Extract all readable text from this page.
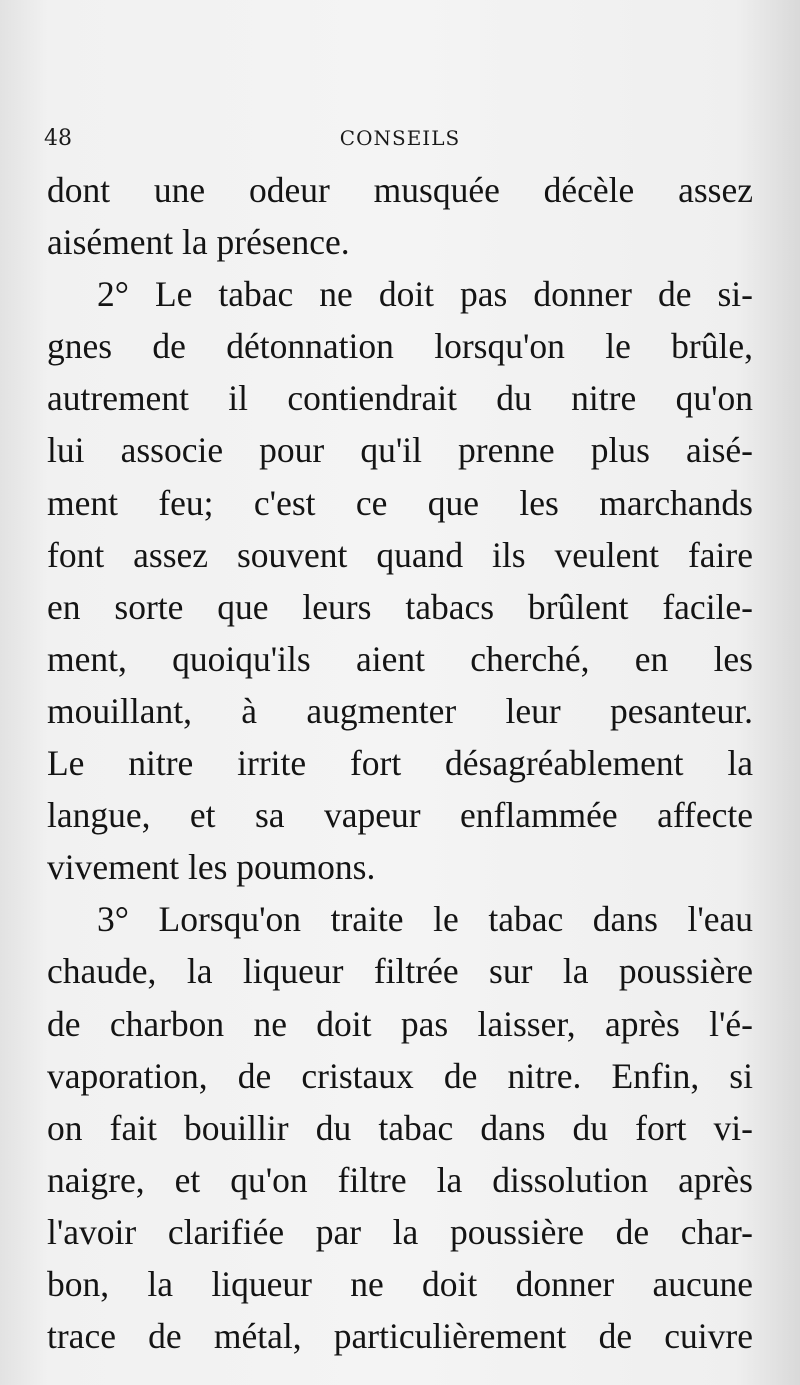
48	CONSEILS
dont une odeur musquée décèle assez
aisément la présence.
2° Le tabac ne doit pas donner de si-
gnes de détonnation lorsqu'on le brûle,
autrement il contiendrait du nitre qu'on
lui associe pour qu'il prenne plus aisé-
ment feu; c'est ce que les marchands
font assez souvent quand ils veulent faire
en sorte que leurs tabacs brûlent facile-
ment, quoiqu'ils aient cherché, en les
mouillant, à augmenter leur pesanteur.
Le nitre irrite fort désagréablement la
langue, et sa vapeur enflammée affecte
vivement les poumons.
3° Lorsqu'on traite le tabac dans l'eau
chaude, la liqueur filtrée sur la poussière
de charbon ne doit pas laisser, après l'é-
vaporation, de cristaux de nitre. Enfin, si
on fait bouillir du tabac dans du fort vi-
naigre, et qu'on filtre la dissolution après
l'avoir clarifiée par la poussière de char-
bon, la liqueur ne doit donner aucune
trace de métal, particulièrement de cuivre
